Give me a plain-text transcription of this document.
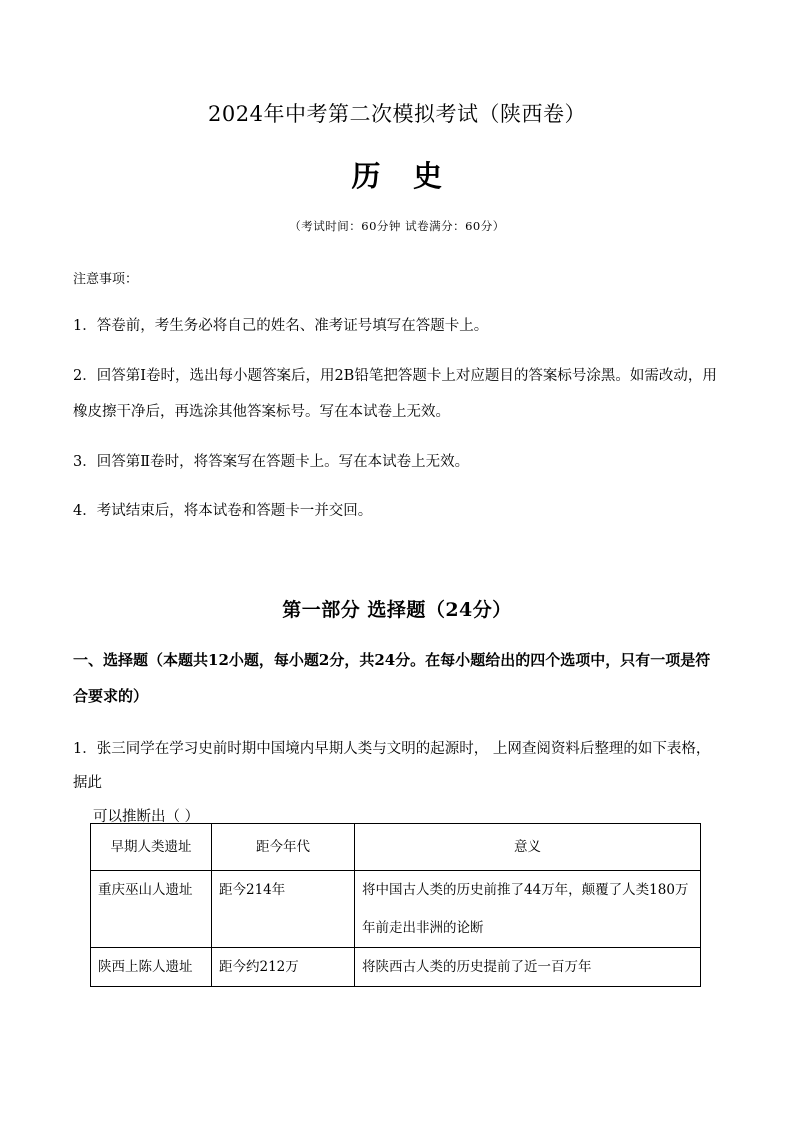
2024年中考第二次模拟考试（陕西卷）
历 史
（考试时间：60分钟 试卷满分：60分）
注意事项：
1．答卷前，考生务必将自己的姓名、准考证号填写在答题卡上。
2．回答第Ⅰ卷时，选出每小题答案后，用2B铅笔把答题卡上对应题目的答案标号涂黑。如需改动，用橡皮擦干净后，再选涂其他答案标号。写在本试卷上无效。
3．回答第Ⅱ卷时，将答案写在答题卡上。写在本试卷上无效。
4．考试结束后，将本试卷和答题卡一并交回。
第一部分 选择题（24分）
一、选择题（本题共12小题，每小题2分，共24分。在每小题给出的四个选项中，只有一项是符合要求的）
1．张三同学在学习史前时期中国境内早期人类与文明的起源时， 上网查阅资料后整理的如下表格，据此
可以推断出（ ）
早期人类遗址	距今年代	意义
重庆巫山人遗址	距今214年	将中国古人类的历史前推了44万年，颠覆了人类180万年前走出非洲的论断
陕西上陈人遗址	距今约212万	将陕西古人类的历史提前了近一百万年
